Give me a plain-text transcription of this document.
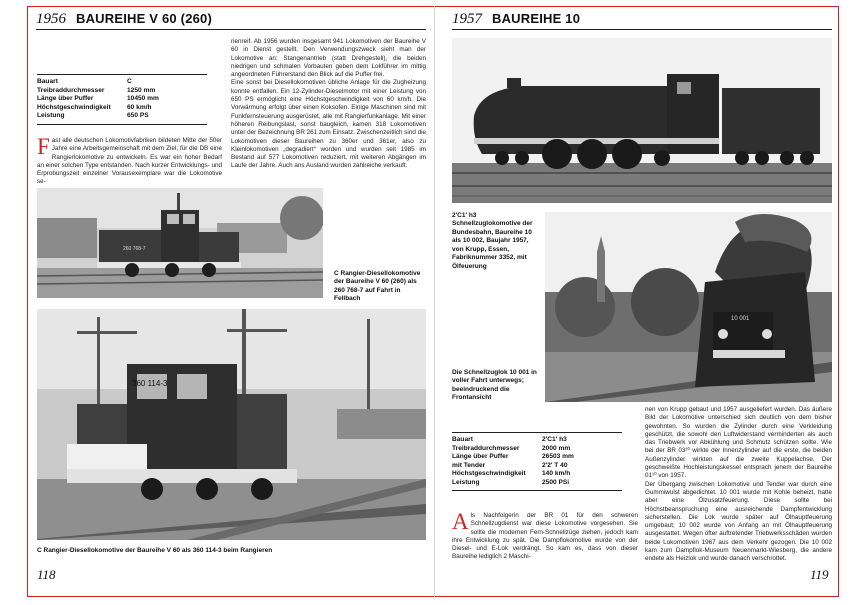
1956 BAUREIHE V 60 (260)
Bauart	C
Treibraddurchmesser	1250 mm
Länge über Puffer	10450 mm
Höchstgeschwindigkeit	60 km/h
Leistung	650 PS
Fast alle deutschen Lokomotivfabriken bildeten Mitte der 50er Jahre eine Arbeitsgemeinschaft mit dem Ziel, für die DB eine Rangierlokomotive zu entwickeln. Es war ein hoher Bedarf an einer solchen Type entstanden. Nach kurzer Entwicklungs- und Erprobungszeit einzelner Vorausexemplare war die Lokomotive se-
rienreif. Ab 1956 wurden insgesamt 941 Lokomotiven der Baureihe V 60 in Dienst gestellt. Den Verwendungszweck sieht man der Lokomotive an: Stangenantrieb (statt Drehgestell), die beiden niedrigen und schmalen Vorbauten geben dem Lokführer im mittig angeordneten Führerstand den Blick auf die Puffer frei.
Eine sonst bei Diesellokomotiven übliche Anlage für die Zugheizung konnte entfallen. Ein 12-Zylinder-Dieselmotor mit einer Leistung von 650 PS ermöglicht eine Höchstgeschwindigkeit von 60 km/h. Die Vorwärmung erfolgt über einen Koksofen. Einige Maschinen sind mit Funkfernsteuerung ausgerüstet, alle mit Rangierfunkanlage. Mit einer höheren Reibungslast, sonst baugleich, kamen 318 Lokomotiven unter der Bezeichnung BR 261 zum Einsatz. Zwischenzeitlich sind die Lokomotiven dieser Baureihen zu 360er und 361er, also zu Kleinlokomotiven „degradiert“ worden und wurden seit 1985 im Bestand auf 577 Lokomotiven reduziert, mit weiteren Abgängen im Laufe der Jahre. Auch ans Ausland wurden zahlreiche verkauft.
260 768-7
C Rangier-Diesellokomotive der Baureihe V 60 (260) als 260 768-7 auf Fahrt in Fellbach
360 114-3
C Rangier-Diesellokomotive der Baureihe V 60 als 360 114-3 beim Rangieren
118
1957 BAUREIHE 10
2'C1' h3 Schnellzuglokomotive der Bundesbahn, Baureihe 10 als 10 002, Baujahr 1957, von Krupp, Essen, Fabriknummer 3352, mit Ölfeuerung
10 001
Die Schnellzuglok 10 001 in voller Fahrt unterwegs; beeindruckend die Frontansicht
Bauart	2'C1' h3
Treibraddurchmesser	2000 mm
Länge über Puffer	26503 mm
mit Tender	2'2' T 40
Höchstgeschwindigkeit	140 km/h
Leistung	2500 PSi
Als Nachfolgerin der BR 01 für den schweren Schnellzugdienst war diese Lokomotive vorgesehen. Sie sollte die modernen Fern-Schnellzüge ziehen, jedoch kam ihre Entwicklung zu spät. Die Dampflokomotive wurde von der Diesel- und E-Lok verdrängt. So kam es, dass von dieser Baureihe lediglich 2 Maschi-
nen von Krupp gebaut und 1957 ausgeliefert wurden. Das äußere Bild der Lokomotive unterschied sich deutlich von dem bisher gewohnten. So wurden die Zylinder durch eine Verkleidung geschützt, die sowohl den Luftwiderstand verminderten als auch das Triebwerk vor Abkühlung und Schmutz schützen sollte. Wie bei der BR 03¹⁰ wirkte der Innenzylinder auf die erste, die beiden Außenzylinder wirkten auf die zweite Kuppelachse. Der geschweißte Hochleistungskessel entsprach jenem der Baureihe 01¹⁰ von 1957.
Der Übergang zwischen Lokomotive und Tender war durch eine Gummiwulst abgedichtet. 10 001 wurde mit Kohle beheizt, hatte aber eine Ölzusatzfeuerung. Diese sollte bei Höchstbeanspruchung eine ausreichende Dampfentwicklung sicherstellen. Die Lok wurde später auf Ölhauptfeuerung umgebaut; 10 002 wurde von Anfang an mit Ölhauptfeuerung ausgestattet. Wegen öfter auftretender Triebwerksschäden wurden beide Lokomotiven 1967 aus dem Verkehr gezogen. Die 10 002 kam zum Dampflok-Museum Neuenmarkt-Wiesberg, die andere endete als Heizlok und wurde danach verschrottet.
119
